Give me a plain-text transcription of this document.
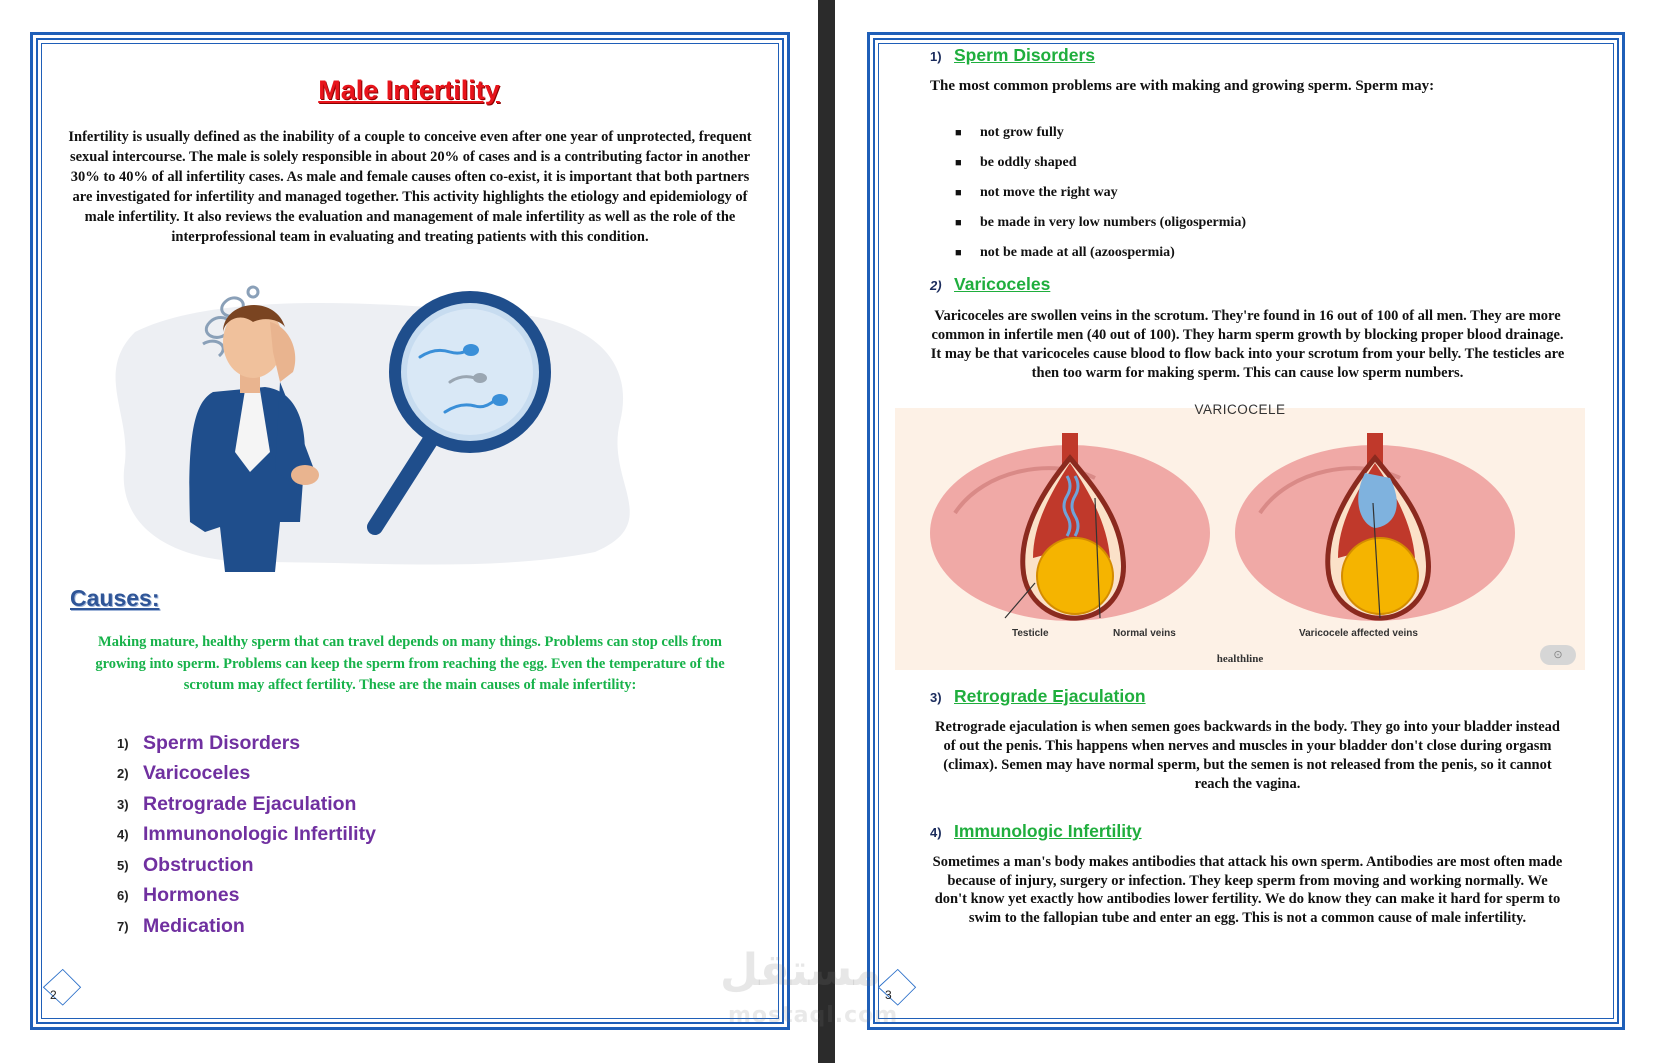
Male Infertility
Infertility is usually defined as the inability of a couple to conceive even after one year of unprotected, frequent sexual intercourse. The male is solely responsible in about 20% of cases and is a contributing factor in another 30% to 40% of all infertility cases. As male and female causes often co-exist, it is important that both partners are investigated for infertility and managed together. This activity highlights the etiology and epidemiology of male infertility. It also reviews the evaluation and management of male infertility as well as the role of the interprofessional team in evaluating and treating patients with this condition.
Causes:
Making mature, healthy sperm that can travel depends on many things. Problems can stop cells from growing into sperm. Problems can keep the sperm from reaching the egg. Even the temperature of the scrotum may affect fertility. These are the main causes of male infertility:
1) Sperm Disorders
2) Varicoceles
3) Retrograde Ejaculation
4) Immunonologic Infertility
5) Obstruction
6) Hormones
7) Medication
2
1) Sperm Disorders
The most common problems are with making and growing sperm. Sperm may:
■	not grow fully
■	be oddly shaped
■	not move the right way
■	be made in very low numbers (oligospermia)
■	not be made at all (azoospermia)
2) Varicoceles
Varicoceles are swollen veins in the scrotum. They're found in 16 out of 100 of all men. They are more common in infertile men (40 out of 100). They harm sperm growth by blocking proper blood drainage. It may be that varicoceles cause blood to flow back into your scrotum from your belly. The testicles are then too warm for making sperm. This can cause low sperm numbers.
VARICOCELE
Testicle	Normal veins	Varicocele affected veins
healthline	⊙
3) Retrograde Ejaculation
Retrograde ejaculation is when semen goes backwards in the body. They go into your bladder instead of out the penis. This happens when nerves and muscles in your bladder don't close during orgasm (climax). Semen may have normal sperm, but the semen is not released from the penis, so it cannot reach the vagina.
4) Immunologic Infertility
Sometimes a man's body makes antibodies that attack his own sperm. Antibodies are most often made because of injury, surgery or infection. They keep sperm from moving and working normally. We don't know yet exactly how antibodies lower fertility. We do know they can make it hard for sperm to swim to the fallopian tube and enter an egg. This is not a common cause of male infertility.
3
مستقل
mostaql.com
